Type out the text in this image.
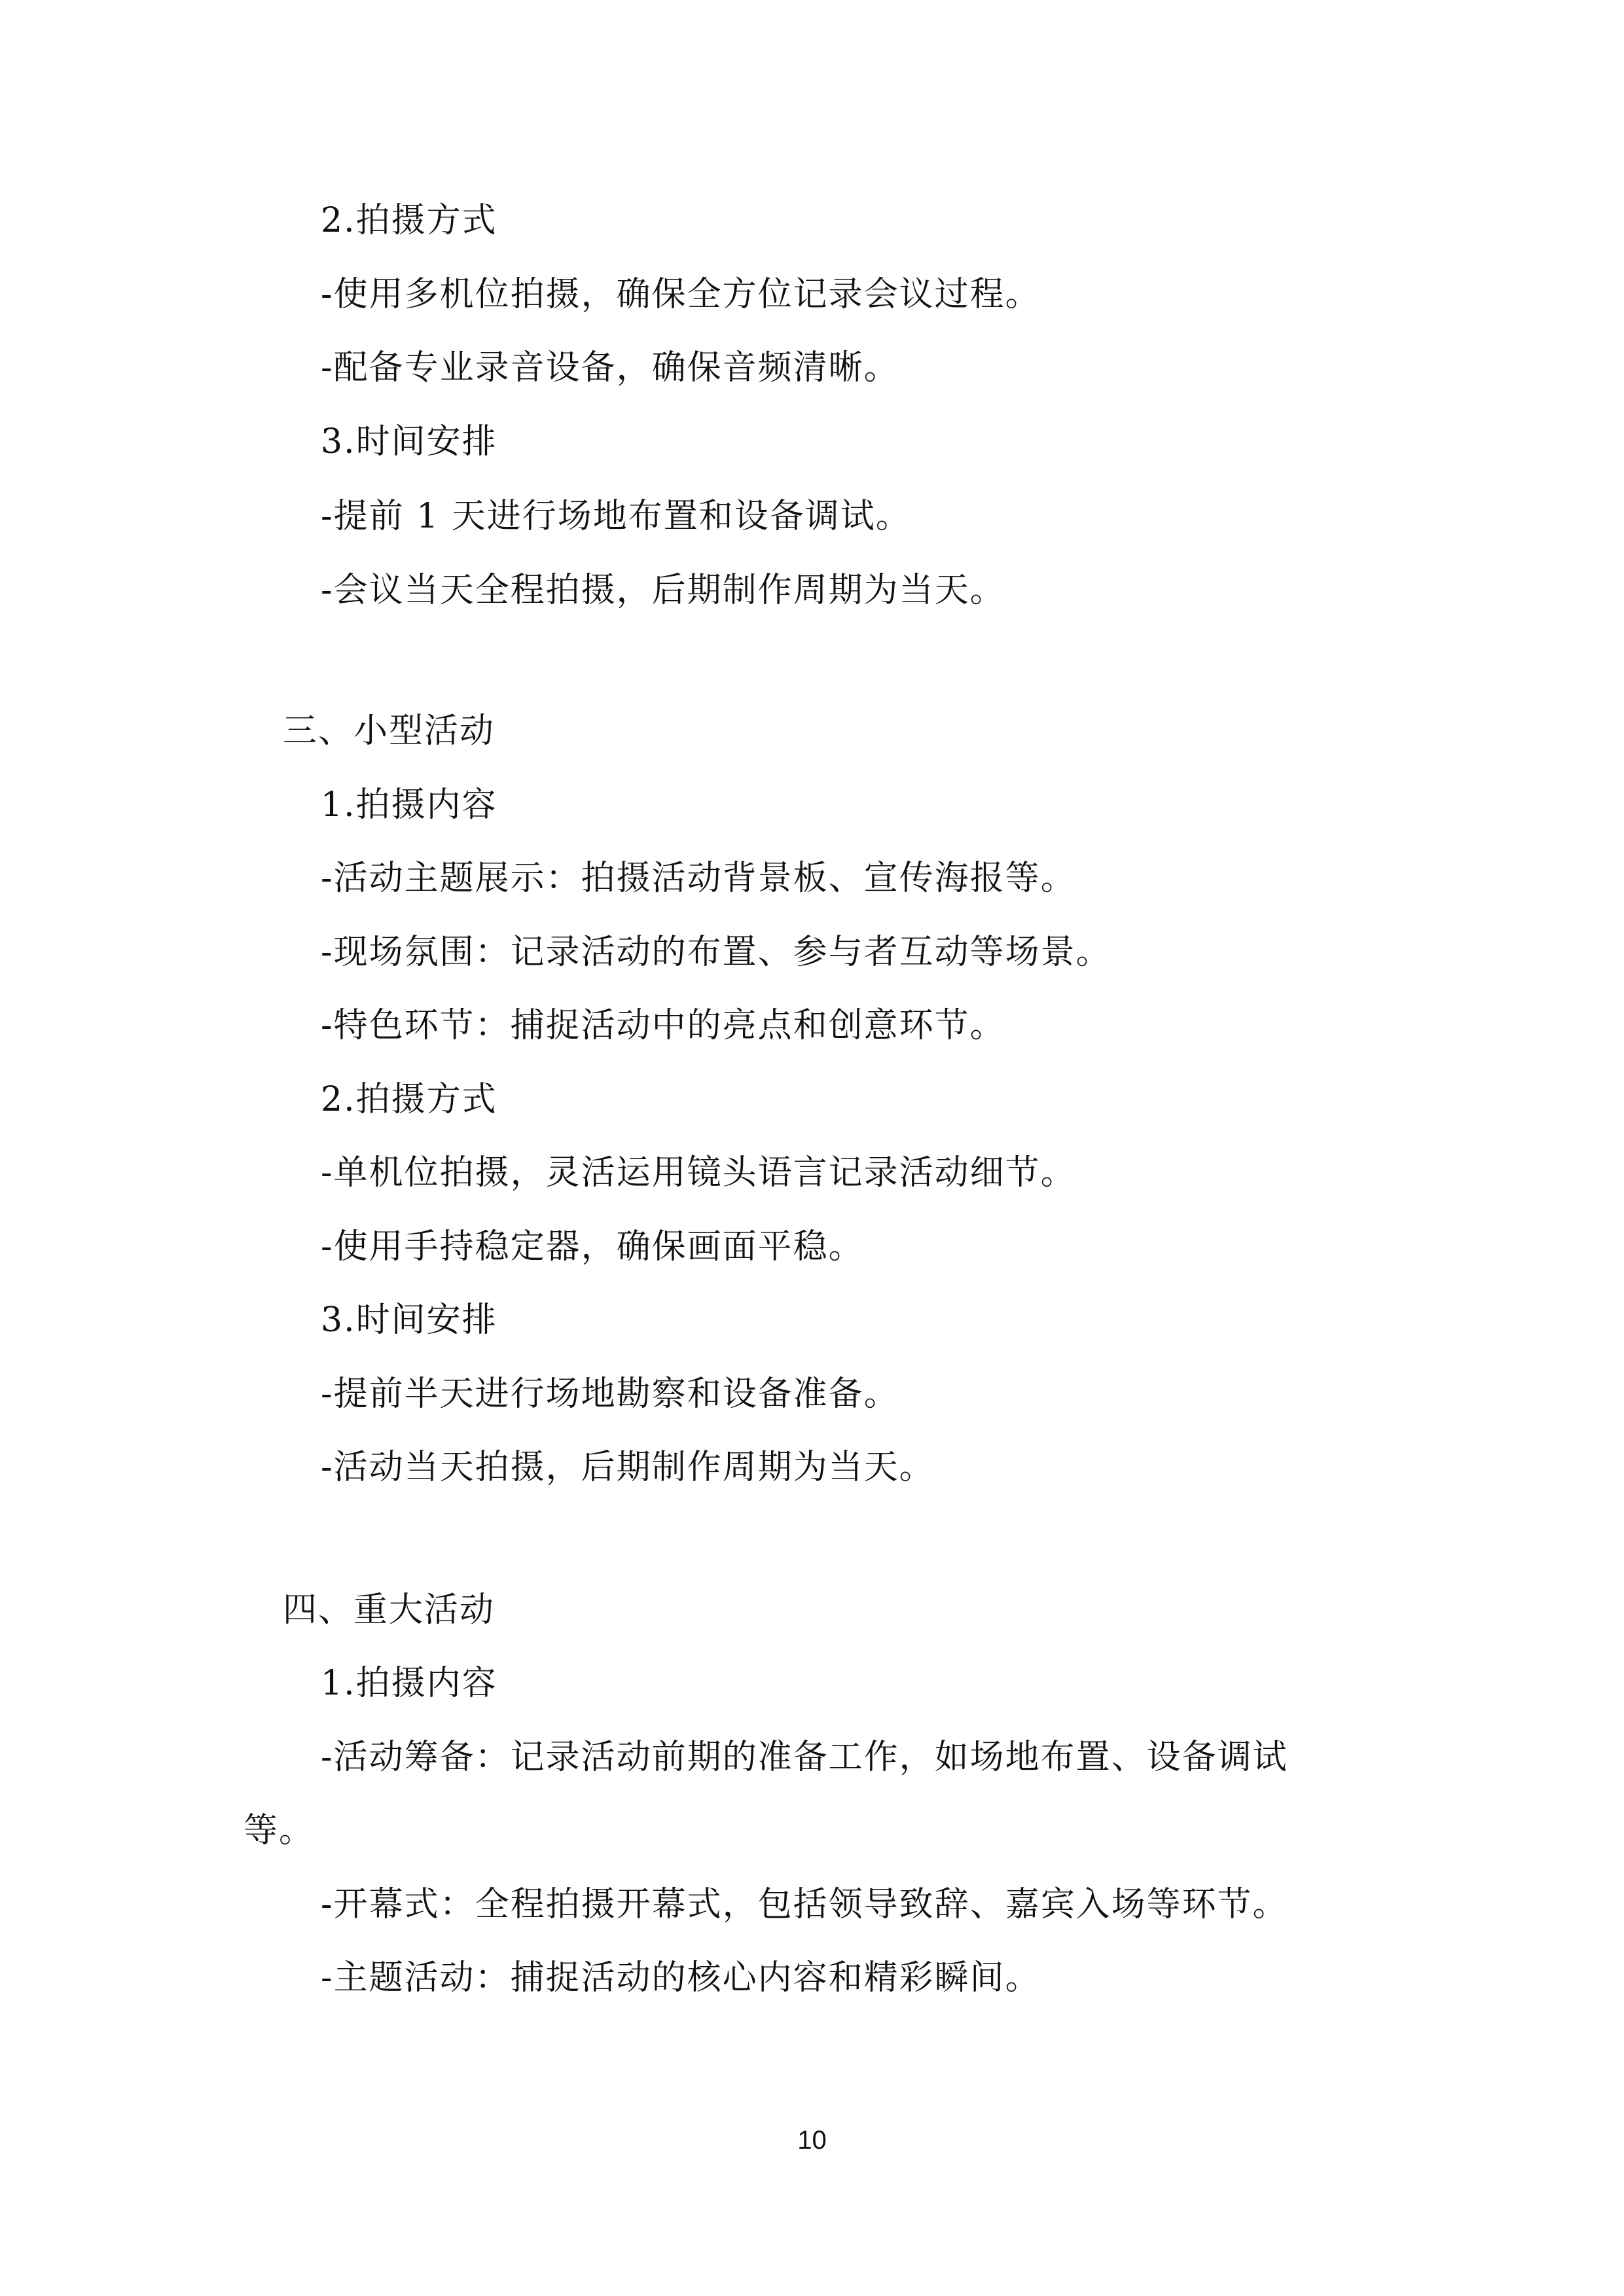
2.拍摄方式
-使用多机位拍摄，确保全方位记录会议过程。
-配备专业录音设备，确保音频清晰。
3.时间安排
-提前 1 天进行场地布置和设备调试。
-会议当天全程拍摄，后期制作周期为当天。
三、小型活动
1.拍摄内容
-活动主题展示：拍摄活动背景板、宣传海报等。
-现场氛围：记录活动的布置、参与者互动等场景。
-特色环节：捕捉活动中的亮点和创意环节。
2.拍摄方式
-单机位拍摄，灵活运用镜头语言记录活动细节。
-使用手持稳定器，确保画面平稳。
3.时间安排
-提前半天进行场地勘察和设备准备。
-活动当天拍摄，后期制作周期为当天。
四、重大活动
1.拍摄内容
-活动筹备：记录活动前期的准备工作，如场地布置、设备调试
等。
-开幕式：全程拍摄开幕式，包括领导致辞、嘉宾入场等环节。
-主题活动：捕捉活动的核心内容和精彩瞬间。
10
